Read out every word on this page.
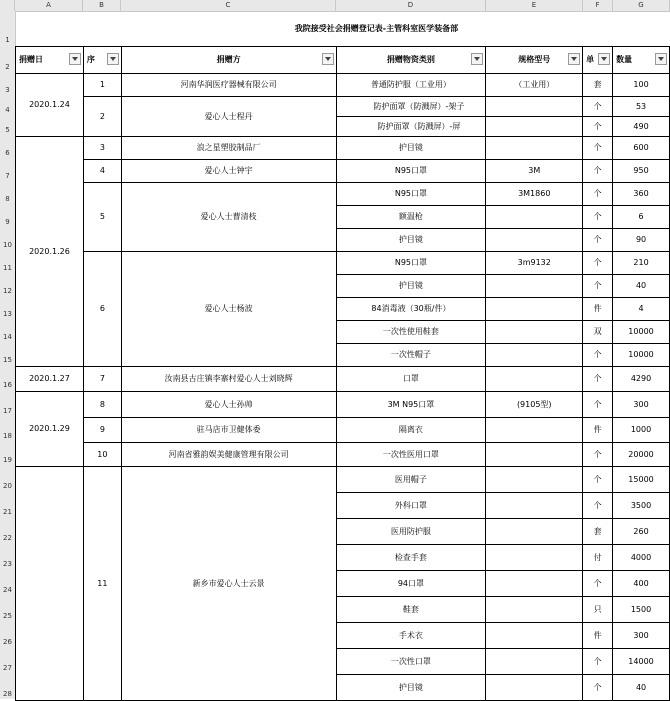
A	B	C	D	E	F	G
1
2
3
4
5
6
7
8
9
10
11
12
13
14
15
16
17
18
19
20
21
22
23
24
25
26
27
28
	我院接受社会捐赠登记表-主管科室医学装备部					

捐赠日	序	捐赠方	捐赠物资类别	规格型号	单	数量

2020.1.24	1	河南华润医疗器械有限公司	普通防护服（工业用）	（工业用）	套	100
	2	爱心人士程丹	防护面罩（防溅屏）-架子		个	53
			防护面罩（防溅屏）-屏		个	490
2020.1.26	3	浪之星塑胶制品厂	护目镜		个	600
	4	爱心人士钟宇	N95口罩	3M	个	950
	5	爱心人士曹清枝	N95口罩	3M1860	个	360
			额温枪		个	6
			护目镜		个	90
	6	爱心人士杨波	N95口罩	3m9132	个	210
			护目镜		个	40
			84消毒液（30瓶/件）		件	4
			一次性使用鞋套		双	10000
			一次性帽子		个	10000
2020.1.27	7	汝南县古庄镇李寨村爱心人士刘晓辉	口罩		个	4290
2020.1.29	8	爱心人士孙帅	3M N95口罩	(9105型)	个	300
	9	驻马店市卫健体委	隔离衣		件	1000
	10	河南省雅韵娱美健康管理有限公司	一次性医用口罩		个	20000
	11	新乡市爱心人士云景	医用帽子		个	15000
			外科口罩		个	3500
			医用防护服		套	260
			检查手套		付	4000
			94口罩		个	400
			鞋套		只	1500
			手术衣		件	300
			一次性口罩		个	14000
			护目镜		个	40
